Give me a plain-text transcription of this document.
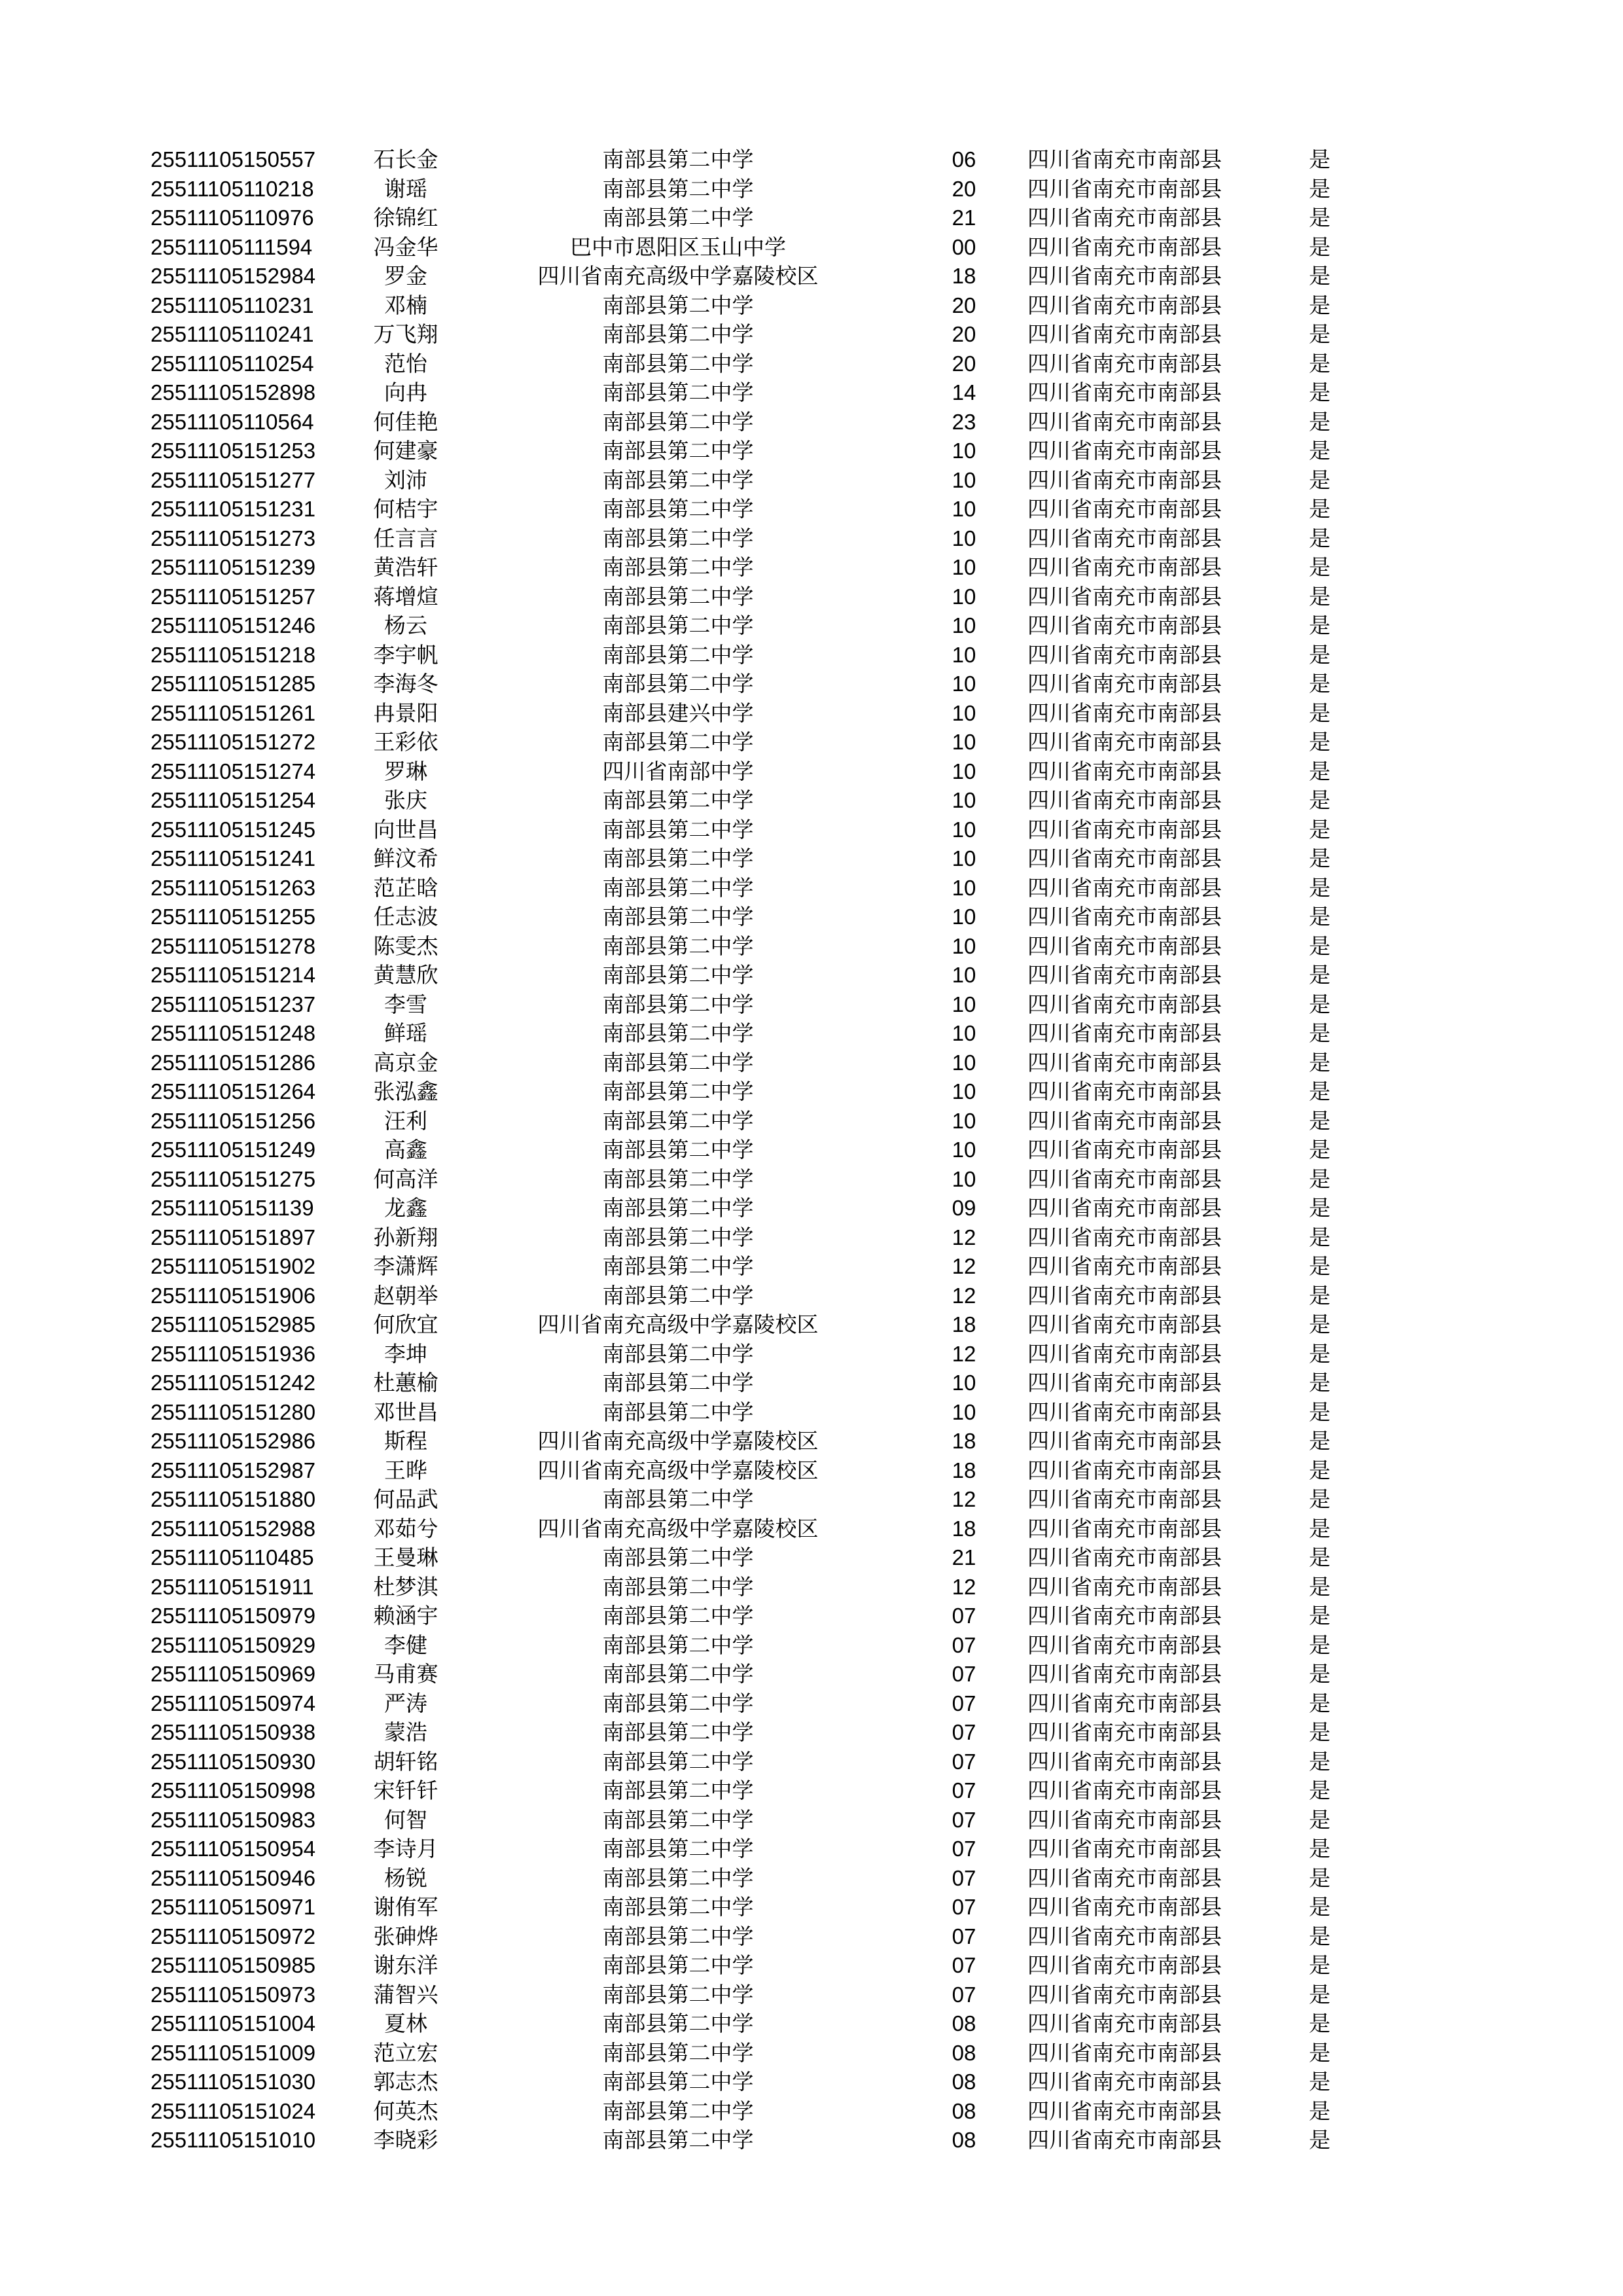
25511105150557	石长金	南部县第二中学	06	四川省南充市南部县	是
25511105110218	谢瑶	南部县第二中学	20	四川省南充市南部县	是
25511105110976	徐锦红	南部县第二中学	21	四川省南充市南部县	是
25511105111594	冯金华	巴中市恩阳区玉山中学	00	四川省南充市南部县	是
25511105152984	罗金	四川省南充高级中学嘉陵校区	18	四川省南充市南部县	是
25511105110231	邓楠	南部县第二中学	20	四川省南充市南部县	是
25511105110241	万飞翔	南部县第二中学	20	四川省南充市南部县	是
25511105110254	范怡	南部县第二中学	20	四川省南充市南部县	是
25511105152898	向冉	南部县第二中学	14	四川省南充市南部县	是
25511105110564	何佳艳	南部县第二中学	23	四川省南充市南部县	是
25511105151253	何建豪	南部县第二中学	10	四川省南充市南部县	是
25511105151277	刘沛	南部县第二中学	10	四川省南充市南部县	是
25511105151231	何桔宇	南部县第二中学	10	四川省南充市南部县	是
25511105151273	任言言	南部县第二中学	10	四川省南充市南部县	是
25511105151239	黄浩轩	南部县第二中学	10	四川省南充市南部县	是
25511105151257	蒋增煊	南部县第二中学	10	四川省南充市南部县	是
25511105151246	杨云	南部县第二中学	10	四川省南充市南部县	是
25511105151218	李宇帆	南部县第二中学	10	四川省南充市南部县	是
25511105151285	李海冬	南部县第二中学	10	四川省南充市南部县	是
25511105151261	冉景阳	南部县建兴中学	10	四川省南充市南部县	是
25511105151272	王彩依	南部县第二中学	10	四川省南充市南部县	是
25511105151274	罗琳	四川省南部中学	10	四川省南充市南部县	是
25511105151254	张庆	南部县第二中学	10	四川省南充市南部县	是
25511105151245	向世昌	南部县第二中学	10	四川省南充市南部县	是
25511105151241	鲜汶希	南部县第二中学	10	四川省南充市南部县	是
25511105151263	范芷晗	南部县第二中学	10	四川省南充市南部县	是
25511105151255	任志波	南部县第二中学	10	四川省南充市南部县	是
25511105151278	陈雯杰	南部县第二中学	10	四川省南充市南部县	是
25511105151214	黄慧欣	南部县第二中学	10	四川省南充市南部县	是
25511105151237	李雪	南部县第二中学	10	四川省南充市南部县	是
25511105151248	鲜瑶	南部县第二中学	10	四川省南充市南部县	是
25511105151286	高京金	南部县第二中学	10	四川省南充市南部县	是
25511105151264	张泓鑫	南部县第二中学	10	四川省南充市南部县	是
25511105151256	汪利	南部县第二中学	10	四川省南充市南部县	是
25511105151249	高鑫	南部县第二中学	10	四川省南充市南部县	是
25511105151275	何高洋	南部县第二中学	10	四川省南充市南部县	是
25511105151139	龙鑫	南部县第二中学	09	四川省南充市南部县	是
25511105151897	孙新翔	南部县第二中学	12	四川省南充市南部县	是
25511105151902	李潇辉	南部县第二中学	12	四川省南充市南部县	是
25511105151906	赵朝举	南部县第二中学	12	四川省南充市南部县	是
25511105152985	何欣宜	四川省南充高级中学嘉陵校区	18	四川省南充市南部县	是
25511105151936	李坤	南部县第二中学	12	四川省南充市南部县	是
25511105151242	杜蕙榆	南部县第二中学	10	四川省南充市南部县	是
25511105151280	邓世昌	南部县第二中学	10	四川省南充市南部县	是
25511105152986	斯程	四川省南充高级中学嘉陵校区	18	四川省南充市南部县	是
25511105152987	王晔	四川省南充高级中学嘉陵校区	18	四川省南充市南部县	是
25511105151880	何品武	南部县第二中学	12	四川省南充市南部县	是
25511105152988	邓茹兮	四川省南充高级中学嘉陵校区	18	四川省南充市南部县	是
25511105110485	王曼琳	南部县第二中学	21	四川省南充市南部县	是
25511105151911	杜梦淇	南部县第二中学	12	四川省南充市南部县	是
25511105150979	赖涵宇	南部县第二中学	07	四川省南充市南部县	是
25511105150929	李健	南部县第二中学	07	四川省南充市南部县	是
25511105150969	马甫赛	南部县第二中学	07	四川省南充市南部县	是
25511105150974	严涛	南部县第二中学	07	四川省南充市南部县	是
25511105150938	蒙浩	南部县第二中学	07	四川省南充市南部县	是
25511105150930	胡轩铭	南部县第二中学	07	四川省南充市南部县	是
25511105150998	宋钎钎	南部县第二中学	07	四川省南充市南部县	是
25511105150983	何智	南部县第二中学	07	四川省南充市南部县	是
25511105150954	李诗月	南部县第二中学	07	四川省南充市南部县	是
25511105150946	杨锐	南部县第二中学	07	四川省南充市南部县	是
25511105150971	谢侑军	南部县第二中学	07	四川省南充市南部县	是
25511105150972	张砷烨	南部县第二中学	07	四川省南充市南部县	是
25511105150985	谢东洋	南部县第二中学	07	四川省南充市南部县	是
25511105150973	蒲智兴	南部县第二中学	07	四川省南充市南部县	是
25511105151004	夏林	南部县第二中学	08	四川省南充市南部县	是
25511105151009	范立宏	南部县第二中学	08	四川省南充市南部县	是
25511105151030	郭志杰	南部县第二中学	08	四川省南充市南部县	是
25511105151024	何英杰	南部县第二中学	08	四川省南充市南部县	是
25511105151010	李晓彩	南部县第二中学	08	四川省南充市南部县	是
